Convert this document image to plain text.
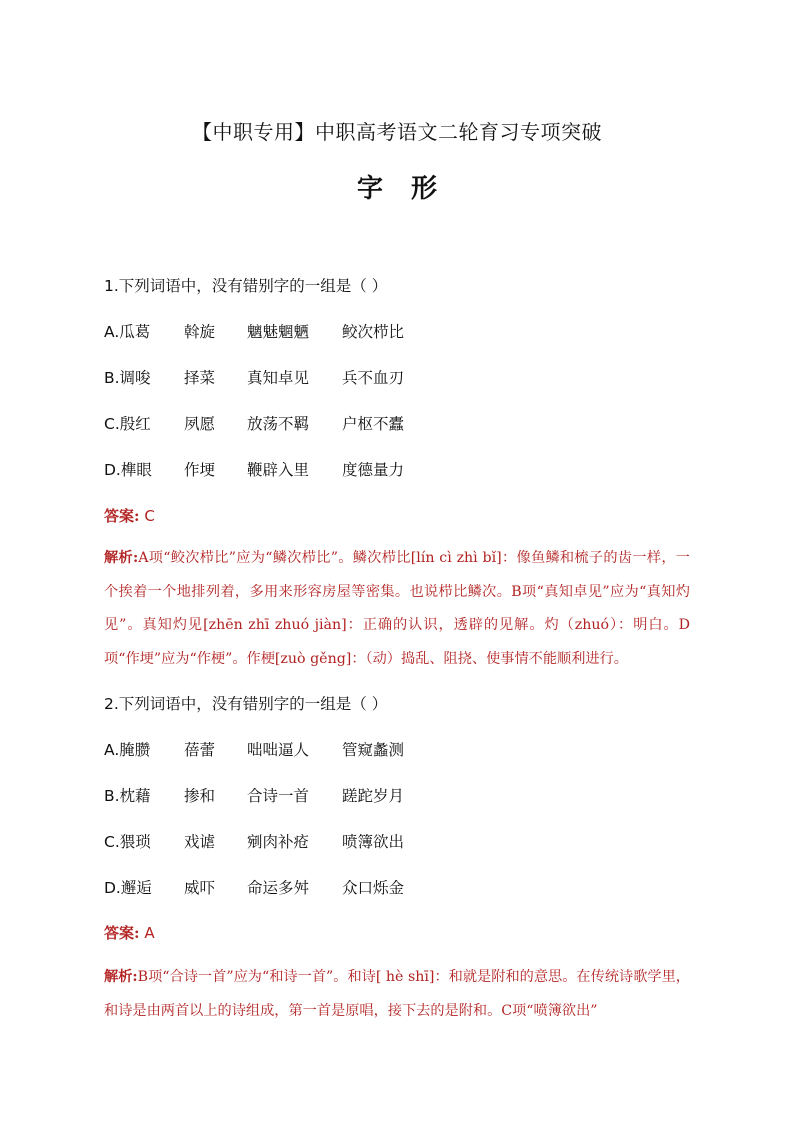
【中职专用】中职高考语文二轮育习专项突破
字 形
1.下列词语中，没有错别字的一组是（ ）
A.瓜葛 斡旋 魑魅魍魉 鲛次栉比
B.调唆 择菜 真知卓见 兵不血刃
C.殷红 夙愿 放荡不羁 户枢不蠹
D.榫眼 作埂 鞭辟入里 度德量力
答案: C
解析:A项“鲛次栉比”应为“鳞次栉比”。鳞次栉比[lín cì zhì bǐ]：像鱼鳞和梳子的齿一样，一个挨着一个地排列着，多用来形容房屋等密集。也说栉比鳞次。B项“真知卓见”应为“真知灼见”。真知灼见[zhēn zhī zhuó jiàn]：正确的认识，透辟的见解。灼（zhuó）：明白。D项“作埂”应为“作梗”。作梗[zuò gěng]：（动）捣乱、阻挠、使事情不能顺利进行。
2.下列词语中，没有错别字的一组是（ ）
A.腌臜 蓓蕾 咄咄逼人 管窥蠡测
B.枕藉 掺和 合诗一首 蹉跎岁月
C.猥琐 戏谑 剜肉补疮 喷簿欲出
D.邂逅 威吓 命运多舛 众口烁金
答案: A
解析:B项“合诗一首”应为“和诗一首”。和诗[ hè shī]：和就是附和的意思。在传统诗歌学里，和诗是由两首以上的诗组成，第一首是原唱，接下去的是附和。C项“喷簿欲出”
